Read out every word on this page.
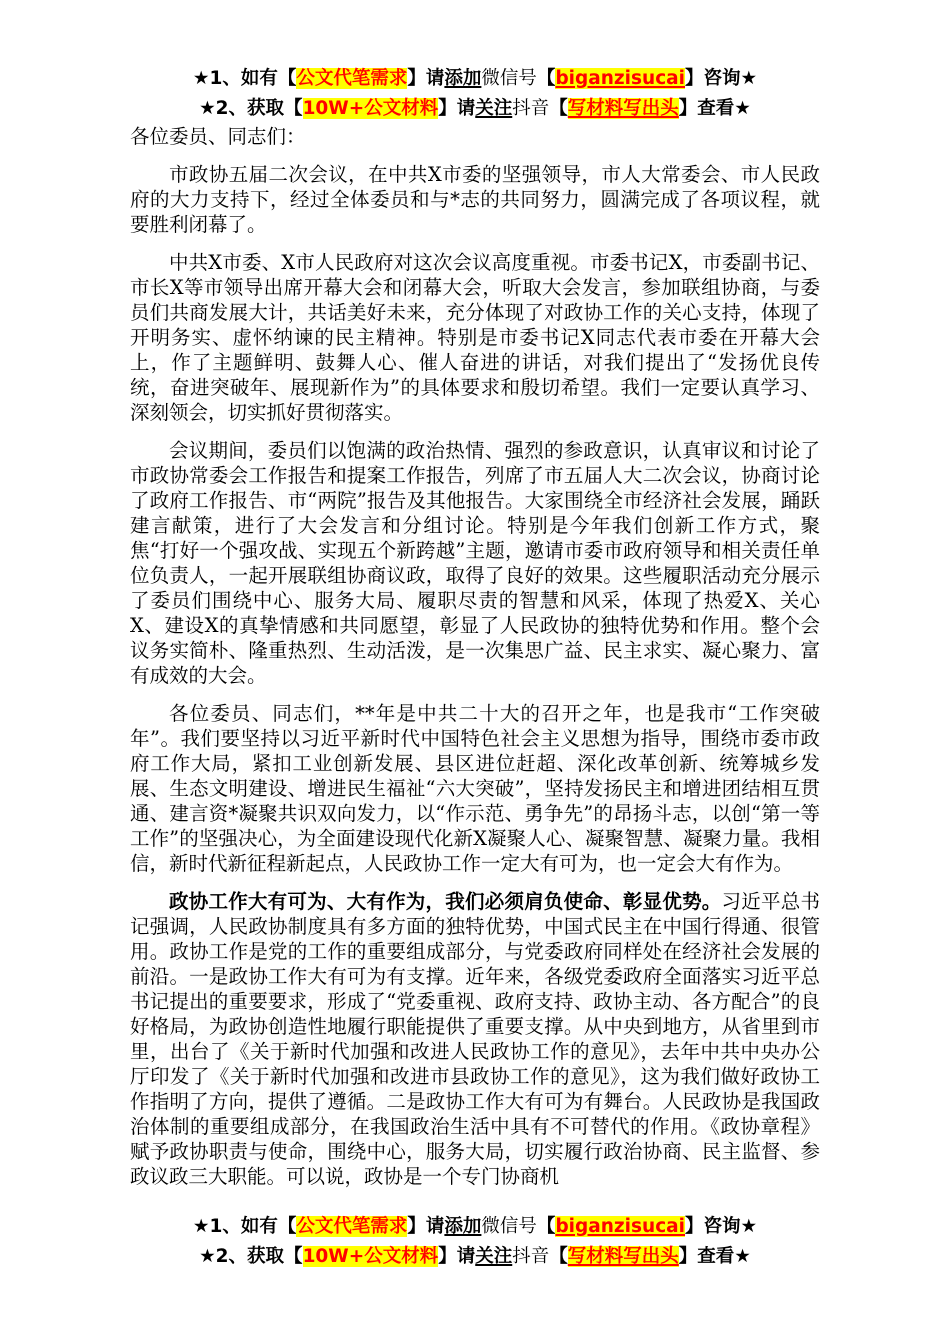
★1、如有【公文代笔需求】请添加微信号【biganzisucai】咨询★
★2、获取【10W+公文材料】请关注抖音【写材料写出头】查看★

各位委员、同志们：

市政协五届二次会议，在中共X市委的坚强领导，市人大常委会、市人民政府的大力支持下，经过全体委员和与*志的共同努力，圆满完成了各项议程，就要胜利闭幕了。

中共X市委、X市人民政府对这次会议高度重视。市委书记X，市委副书记、市长X等市领导出席开幕大会和闭幕大会，听取大会发言，参加联组协商，与委员们共商发展大计，共话美好未来，充分体现了对政协工作的关心支持，体现了开明务实、虚怀纳谏的民主精神。特别是市委书记X同志代表市委在开幕大会上，作了主题鲜明、鼓舞人心、催人奋进的讲话，对我们提出了“发扬优良传统，奋进突破年、展现新作为”的具体要求和殷切希望。我们一定要认真学习、深刻领会，切实抓好贯彻落实。

会议期间，委员们以饱满的政治热情、强烈的参政意识，认真审议和讨论了市政协常委会工作报告和提案工作报告，列席了市五届人大二次会议，协商讨论了政府工作报告、市“两院”报告及其他报告。大家围绕全市经济社会发展，踊跃建言献策，进行了大会发言和分组讨论。特别是今年我们创新工作方式，聚焦“打好一个强攻战、实现五个新跨越”主题，邀请市委市政府领导和相关责任单位负责人，一起开展联组协商议政，取得了良好的效果。这些履职活动充分展示了委员们围绕中心、服务大局、履职尽责的智慧和风采，体现了热爱X、关心X、建设X的真挚情感和共同愿望，彰显了人民政协的独特优势和作用。整个会议务实简朴、隆重热烈、生动活泼，是一次集思广益、民主求实、凝心聚力、富有成效的大会。

各位委员、同志们，**年是中共二十大的召开之年，也是我市“工作突破年”。我们要坚持以习近平新时代中国特色社会主义思想为指导，围绕市委市政府工作大局，紧扣工业创新发展、县区进位赶超、深化改革创新、统筹城乡发展、生态文明建设、增进民生福祉“六大突破”，坚持发扬民主和增进团结相互贯通、建言资*凝聚共识双向发力，以“作示范、勇争先”的昂扬斗志，以创“第一等工作”的坚强决心，为全面建设现代化新X凝聚人心、凝聚智慧、凝聚力量。我相信，新时代新征程新起点，人民政协工作一定大有可为，也一定会大有作为。

政协工作大有可为、大有作为，我们必须肩负使命、彰显优势。习近平总书记强调，人民政协制度具有多方面的独特优势，中国式民主在中国行得通、很管用。政协工作是党的工作的重要组成部分，与党委政府同样处在经济社会发展的前沿。一是政协工作大有可为有支撑。近年来，各级党委政府全面落实习近平总书记提出的重要要求，形成了“党委重视、政府支持、政协主动、各方配合”的良好格局，为政协创造性地履行职能提供了重要支撑。从中央到地方，从省里到市里，出台了《关于新时代加强和改进人民政协工作的意见》，去年中共中央办公厅印发了《关于新时代加强和改进市县政协工作的意见》，这为我们做好政协工作指明了方向，提供了遵循。二是政协工作大有可为有舞台。人民政协是我国政治体制的重要组成部分，在我国政治生活中具有不可替代的作用。《政协章程》赋予政协职责与使命，围绕中心，服务大局，切实履行政治协商、民主监督、参政议政三大职能。可以说，政协是一个专门协商机

★1、如有【公文代笔需求】请添加微信号【biganzisucai】咨询★
★2、获取【10W+公文材料】请关注抖音【写材料写出头】查看★
